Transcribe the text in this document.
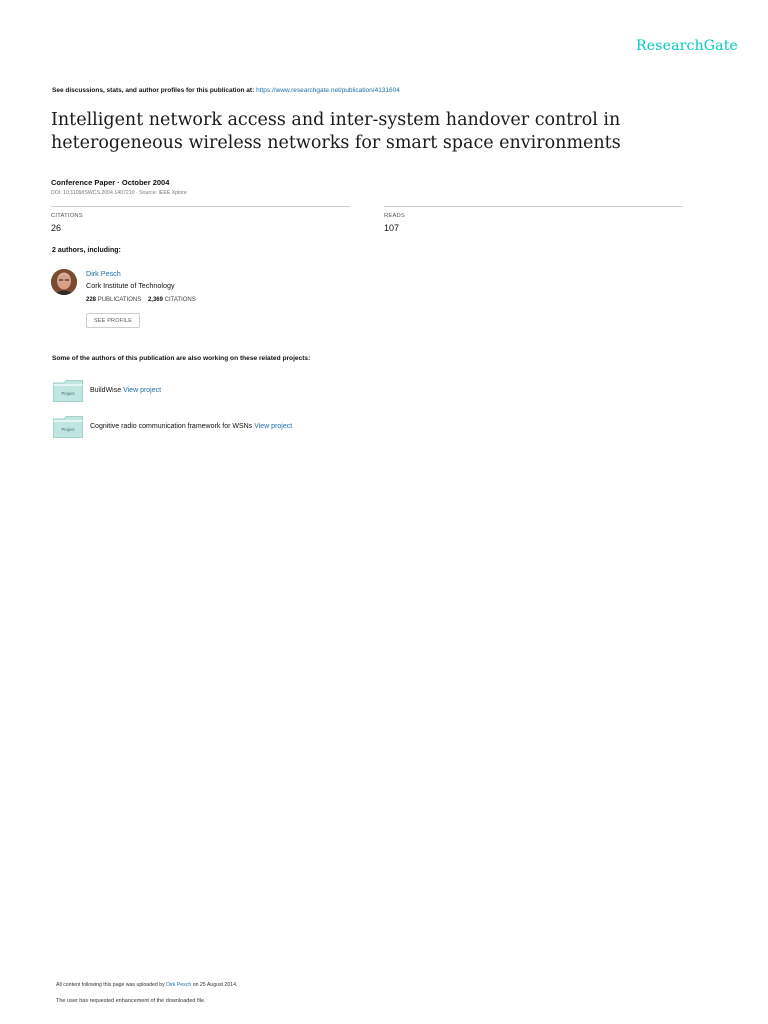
ResearchGate
See discussions, stats, and author profiles for this publication at: https://www.researchgate.net/publication/4131604
Intelligent network access and inter-system handover control in heterogeneous wireless networks for smart space environments
Conference Paper · October 2004
DOI: 10.1109/ISWCS.2004.1407210 · Source: IEEE Xplore
CITATIONS
26
READS
107
2 authors, including:
Dirk Pesch
Cork Institute of Technology
228 PUBLICATIONS 2,369 CITATIONS
SEE PROFILE
Some of the authors of this publication are also working on these related projects:
Project BuildWise View project
Project Cognitive radio communication framework for WSNs View project
All content following this page was uploaded by Dirk Pesch on 25 August 2014.
The user has requested enhancement of the downloaded file.
